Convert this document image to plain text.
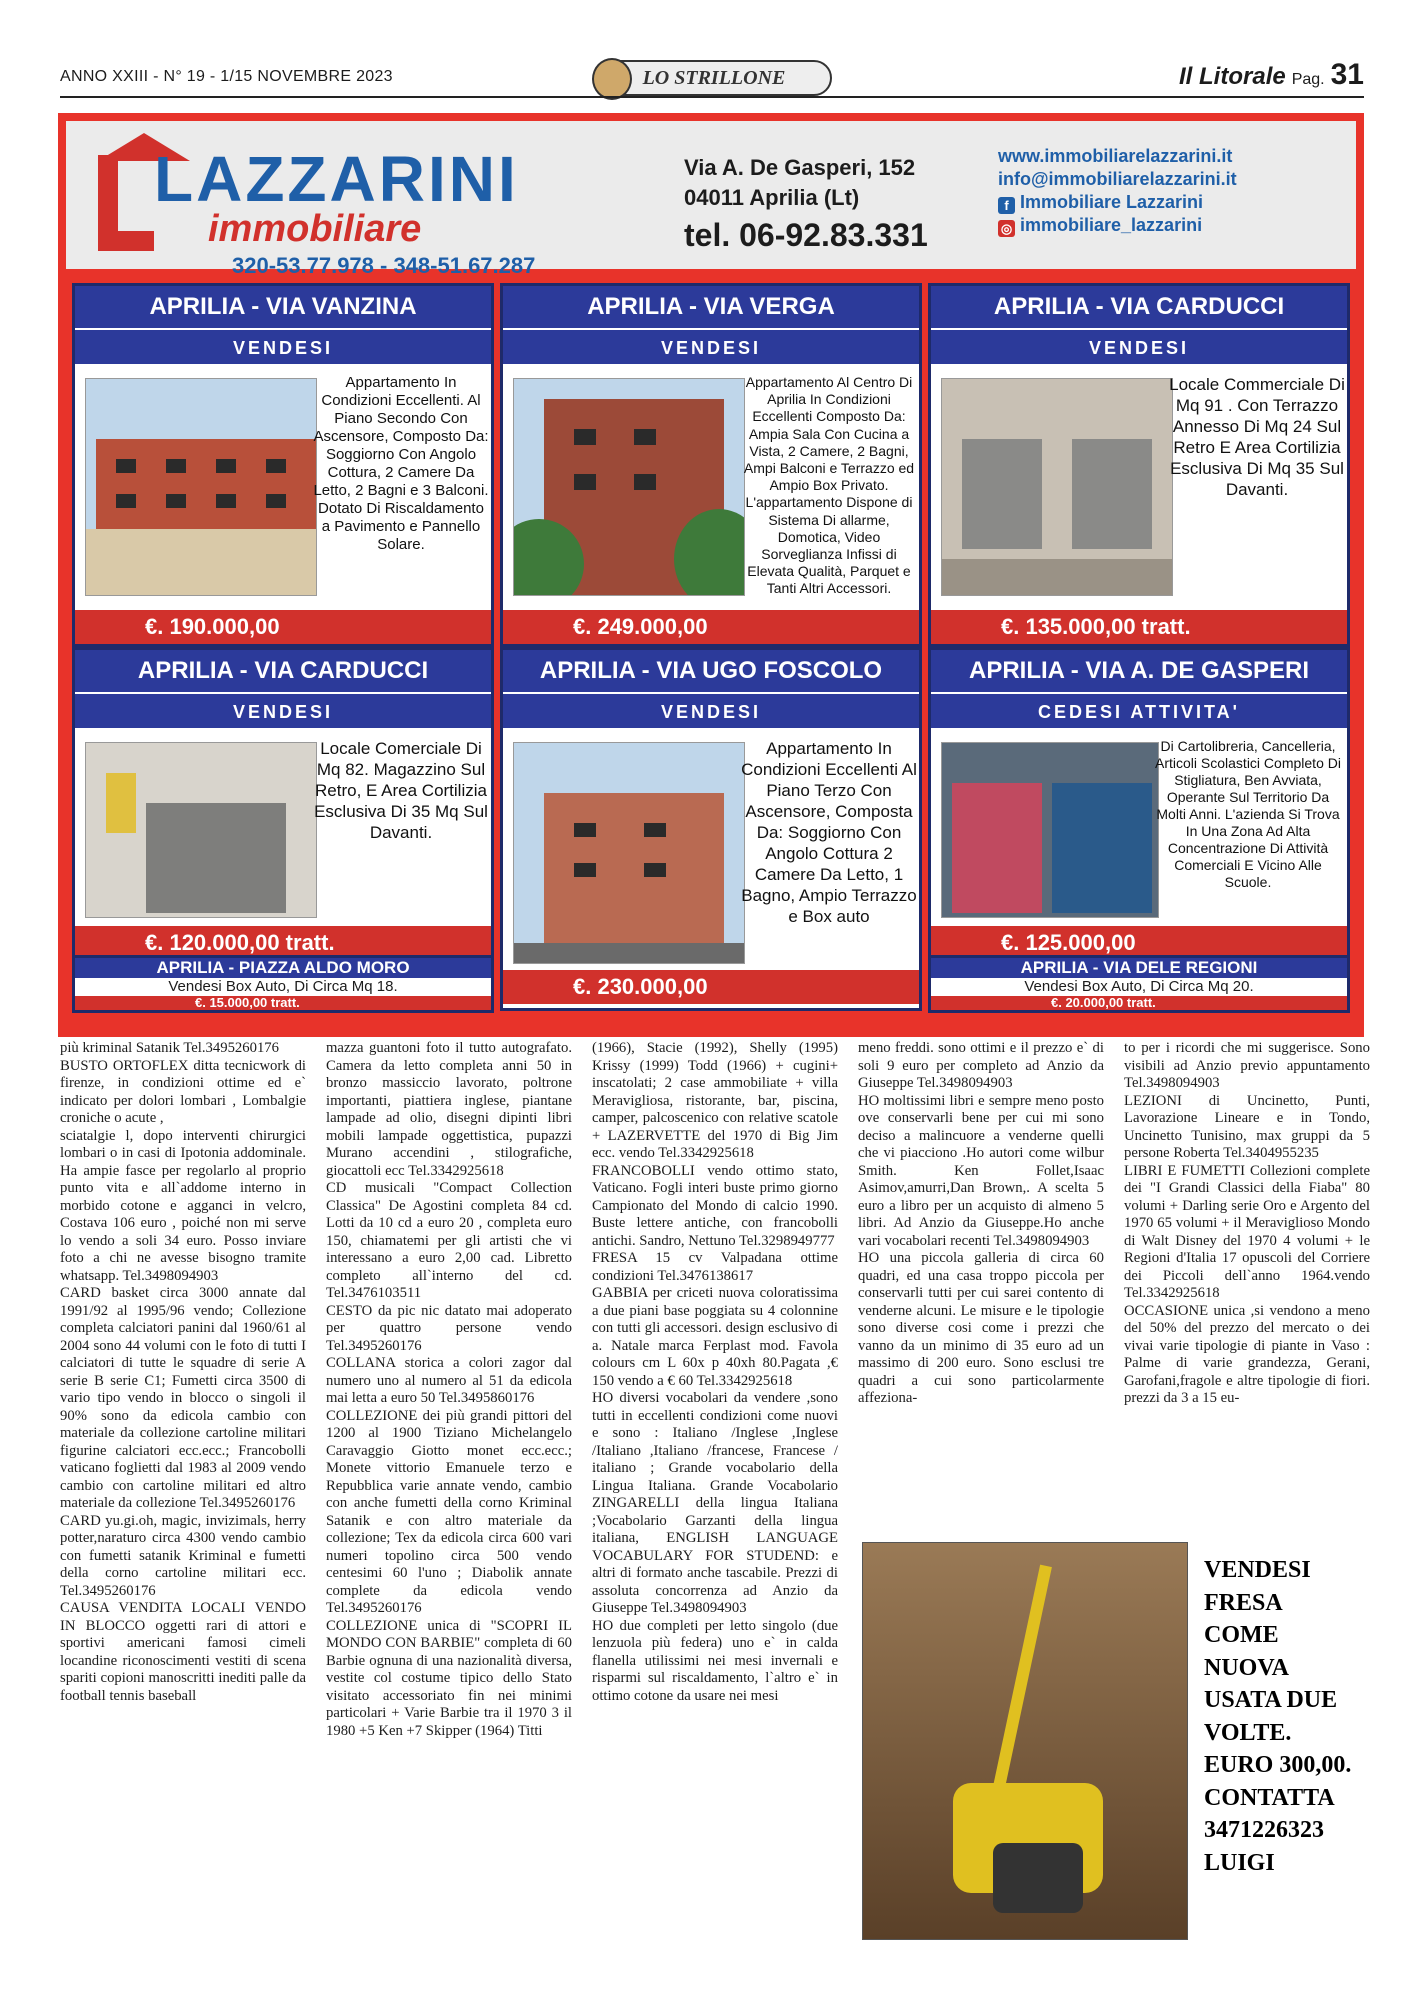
ANNO XXIII - N° 19 - 1/15 NOVEMBRE 2023	LO STRILLONE	Il Litorale Pag. 31
LAZZARINI
immobiliare
320-53.77.978 - 348-51.67.287
Via A. De Gasperi, 152
04011 Aprilia (Lt)
tel. 06-92.83.331
www.immobiliarelazzarini.it
info@immobiliarelazzarini.it
f Immobiliare Lazzarini
◎ immobiliare_lazzarini
APRILIA - VIA VANZINA
VENDESI
Appartamento In Condizioni Eccellenti. Al Piano Secondo Con Ascensore, Composto Da: Soggiorno Con Angolo Cottura, 2 Camere Da Letto, 2 Bagni e 3 Balconi. Dotato Di Riscaldamento a Pavimento e Pannello Solare.
€. 190.000,00
APRILIA - VIA VERGA
VENDESI
Appartamento Al Centro Di Aprilia In Condizioni Eccellenti Composto Da: Ampia Sala Con Cucina a Vista, 2 Camere, 2 Bagni, Ampi Balconi e Terrazzo ed Ampio Box Privato. L'appartamento Dispone di Sistema Di allarme, Domotica, Video Sorveglianza Infissi di Elevata Qualità, Parquet e Tanti Altri Accessori.
€. 249.000,00
APRILIA - VIA CARDUCCI
VENDESI
Locale Commerciale Di Mq 91 . Con Terrazzo Annesso Di Mq 24 Sul Retro E Area Cortilizia Esclusiva Di Mq 35 Sul Davanti.
€. 135.000,00 tratt.
APRILIA - VIA CARDUCCI
VENDESI
Locale Comerciale Di Mq 82. Magazzino Sul Retro, E Area Cortilizia Esclusiva Di 35 Mq Sul Davanti.
€. 120.000,00 tratt.
APRILIA - VIA UGO FOSCOLO
VENDESI
Appartamento In Condizioni Eccellenti Al Piano Terzo Con Ascensore, Composta Da: Soggiorno Con Angolo Cottura 2 Camere Da Letto, 1 Bagno, Ampio Terrazzo e Box auto
€. 230.000,00
APRILIA - VIA A. DE GASPERI
CEDESI ATTIVITA'
Di Cartolibreria, Cancelleria, Articoli Scolastici Completo Di Stigliatura, Ben Avviata, Operante Sul Territorio Da Molti Anni. L'azienda Si Trova In Una Zona Ad Alta Concentrazione Di Attività Comerciali E Vicino Alle Scuole.
€. 125.000,00
APRILIA - PIAZZA ALDO MORO
Vendesi Box Auto, Di Circa Mq 18.
€. 15.000,00 tratt.
APRILIA - VIA DELE REGIONI
Vendesi Box Auto, Di Circa Mq 20.
€. 20.000,00 tratt.

più kriminal Satanik Tel.3495260176

BUSTO ORTOFLEX ditta tecnicwork di firenze, in condizioni ottime ed e` indicato per dolori lombari , Lombalgie croniche o acute ,

sciatalgie l, dopo interventi chirurgici lombari o in casi di Ipotonia addominale. Ha ampie fasce per regolarlo al proprio punto vita e all`addome interno in morbido cotone e agganci in velcro, Costava 106 euro , poiché non mi serve lo vendo a soli 34 euro. Posso inviare foto a chi ne avesse bisogno tramite whatsapp. Tel.3498094903

CARD basket circa 3000 annate dal 1991/92 al 1995/96 vendo; Collezione completa calciatori panini dal 1960/61 al 2004 sono 44 volumi con le foto di tutti I calciatori di tutte le squadre di serie A serie B serie C1; Fumetti circa 3500 di vario tipo vendo in blocco o singoli il 90% sono da edicola cambio con materiale da collezione cartoline militari figurine calciatori ecc.ecc.; Francobolli vaticano foglietti dal 1983 al 2009 vendo cambio con cartoline militari ed altro materiale da collezione Tel.3495260176

CARD yu.gi.oh, magic, invizimals, herry potter,naraturo circa 4300 vendo cambio con fumetti satanik Kriminal e fumetti della corno cartoline militari ecc. Tel.3495260176

CAUSA VENDITA LOCALI VENDO IN BLOCCO oggetti rari di attori e sportivi americani famosi cimeli locandine riconoscimenti vestiti di scena spariti copioni manoscritti inediti palle da football tennis baseball

mazza guantoni foto il tutto autografato. Camera da letto completa anni 50 in bronzo massiccio lavorato, poltrone importanti, piattiera inglese, piantane lampade ad olio, disegni dipinti libri mobili lampade oggettistica, pupazzi Murano accendini , stilografiche, giocattoli ecc Tel.3342925618

CD musicali "Compact Collection Classica" De Agostini completa 84 cd. Lotti da 10 cd a euro 20 , completa euro 150, chiamatemi per gli artisti che vi interessano a euro 2,00 cad. Libretto completo all`interno del cd. Tel.3476103511

CESTO da pic nic datato mai adoperato per quattro persone vendo Tel.3495260176

COLLANA storica a colori zagor dal numero uno al numero al 51 da edicola mai letta a euro 50 Tel.3495860176

COLLEZIONE dei più grandi pittori del 1200 al 1900 Tiziano Michelangelo Caravaggio Giotto monet ecc.ecc.; Monete vittorio Emanuele terzo e Repubblica varie annate vendo, cambio con anche fumetti della corno Kriminal Satanik e con altro materiale da collezione; Tex da edicola circa 600 vari numeri topolino circa 500 vendo centesimi 60 l'uno ; Diabolik annate complete da edicola vendo Tel.3495260176

COLLEZIONE unica di "SCOPRI IL MONDO CON BARBIE" completa di 60 Barbie ognuna di una nazionalità diversa, vestite col costume tipico dello Stato visitato accessoriato fin nei minimi particolari + Varie Barbie tra il 1970 3 il 1980 +5 Ken +7 Skipper (1964) Titti

(1966), Stacie (1992), Shelly (1995) Krissy (1999) Todd (1966) + cugini+ inscatolati; 2 case ammobiliate + villa Meravigliosa, ristorante, bar, piscina, camper, palcoscenico con relative scatole + LAZERVETTE del 1970 di Big Jim ecc. vendo Tel.3342925618

FRANCOBOLLI vendo ottimo stato, Vaticano. Fogli interi buste primo giorno Campionato del Mondo di calcio 1990. Buste lettere antiche, con francobolli antichi. Sandro, Nettuno Tel.3298949777

FRESA 15 cv Valpadana ottime condizioni Tel.3476138617

GABBIA per criceti nuova coloratissima a due piani base poggiata su 4 colonnine con tutti gli accessori. design esclusivo di a. Natale marca Ferplast mod. Favola colours cm L 60x p 40xh 80.Pagata ,€ 150 vendo a € 60 Tel.3342925618

HO diversi vocabolari da vendere ,sono tutti in eccellenti condizioni come nuovi e sono : Italiano /Inglese ,Inglese /Italiano ,Italiano /francese, Francese / italiano ; Grande vocabolario della Lingua Italiana. Grande Vocabolario ZINGARELLI della lingua Italiana ;Vocabolario Garzanti della lingua italiana, ENGLISH LANGUAGE VOCABULARY FOR STUDEND: e altri di formato anche tascabile. Prezzi di assoluta concorrenza ad Anzio da Giuseppe Tel.3498094903

HO due completi per letto singolo (due lenzuola più federa) uno e` in calda flanella utilissimi nei mesi invernali e risparmi sul riscaldamento, l`altro e` in ottimo cotone da usare nei mesi

meno freddi. sono ottimi e il prezzo e` di soli 9 euro per completo ad Anzio da Giuseppe Tel.3498094903

HO moltissimi libri e sempre meno posto ove conservarli bene per cui mi sono deciso a malincuore a venderne quelli che vi piacciono .Ho autori come wilbur Smith. Ken Follet,Isaac Asimov,amurri,Dan Brown,. A scelta 5 euro a libro per un acquisto di almeno 5 libri. Ad Anzio da Giuseppe.Ho anche vari vocabolari recenti Tel.3498094903

HO una piccola galleria di circa 60 quadri, ed una casa troppo piccola per conservarli tutti per cui sarei contento di venderne alcuni. Le misure e le tipologie sono diverse cosi come i prezzi che vanno da un minimo di 35 euro ad un massimo di 200 euro. Sono esclusi tre quadri a cui sono particolarmente affeziona-

to per i ricordi che mi suggerisce. Sono visibili ad Anzio previo appuntamento Tel.3498094903

LEZIONI di Uncinetto, Punti, Lavorazione Lineare e in Tondo, Uncinetto Tunisino, max gruppi da 5 persone Roberta Tel.3404955235

LIBRI E FUMETTI Collezioni complete dei "I Grandi Classici della Fiaba" 80 volumi + Darling serie Oro e Argento del 1970 65 volumi + il Meraviglioso Mondo di Walt Disney del 1970 4 volumi + le Regioni d'Italia 17 opuscoli del Corriere dei Piccoli dell`anno 1964.vendo Tel.3342925618

OCCASIONE unica ,si vendono a meno del 50% del prezzo del mercato o dei vivai varie tipologie di piante in Vaso : Palme di varie grandezza, Gerani, Garofani,fragole e altre tipologie di fiori. prezzi da 3 a 15 eu-

VENDESI FRESA COME NUOVA USATA DUE VOLTE. EURO 300,00. CONTATTA 3471226323 LUIGI
